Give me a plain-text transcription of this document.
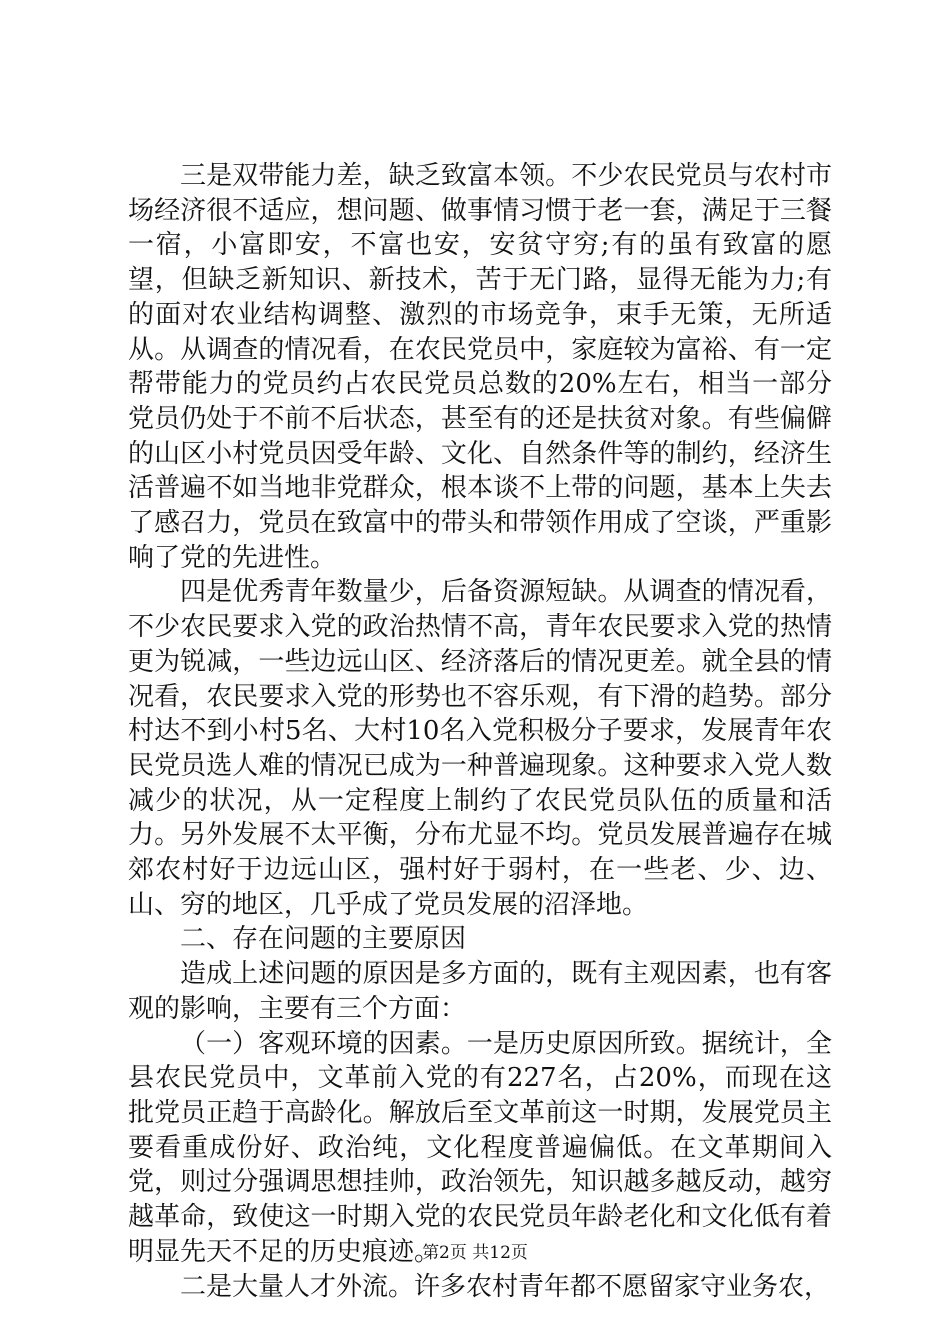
三是双带能力差，缺乏致富本领。不少农民党员与农村市场经济很不适应，想问题、做事情习惯于老一套，满足于三餐一宿，小富即安，不富也安，安贫守穷;有的虽有致富的愿望，但缺乏新知识、新技术，苦于无门路，显得无能为力;有的面对农业结构调整、激烈的市场竞争，束手无策，无所适从。从调查的情况看，在农民党员中，家庭较为富裕、有一定帮带能力的党员约占农民党员总数的20%左右，相当一部分党员仍处于不前不后状态，甚至有的还是扶贫对象。有些偏僻的山区小村党员因受年龄、文化、自然条件等的制约，经济生活普遍不如当地非党群众，根本谈不上带的问题，基本上失去了感召力，党员在致富中的带头和带领作用成了空谈，严重影响了党的先进性。

四是优秀青年数量少，后备资源短缺。从调查的情况看，不少农民要求入党的政治热情不高，青年农民要求入党的热情更为锐减，一些边远山区、经济落后的情况更差。就全县的情况看，农民要求入党的形势也不容乐观，有下滑的趋势。部分村达不到小村5名、大村10名入党积极分子要求，发展青年农民党员选人难的情况已成为一种普遍现象。这种要求入党人数减少的状况，从一定程度上制约了农民党员队伍的质量和活力。另外发展不太平衡，分布尤显不均。党员发展普遍存在城郊农村好于边远山区，强村好于弱村，在一些老、少、边、山、穷的地区，几乎成了党员发展的沼泽地。

二、存在问题的主要原因

造成上述问题的原因是多方面的，既有主观因素，也有客观的影响，主要有三个方面：

（一）客观环境的因素。一是历史原因所致。据统计，全县农民党员中，文革前入党的有227名，占20%，而现在这批党员正趋于高龄化。解放后至文革前这一时期，发展党员主要看重成份好、政治纯，文化程度普遍偏低。在文革期间入党，则过分强调思想挂帅，政治领先，知识越多越反动，越穷越革命，致使这一时期入党的农民党员年龄老化和文化低有着明显先天不足的历史痕迹。

二是大量人才外流。许多农村青年都不愿留家守业务农，

第2页 共12页
